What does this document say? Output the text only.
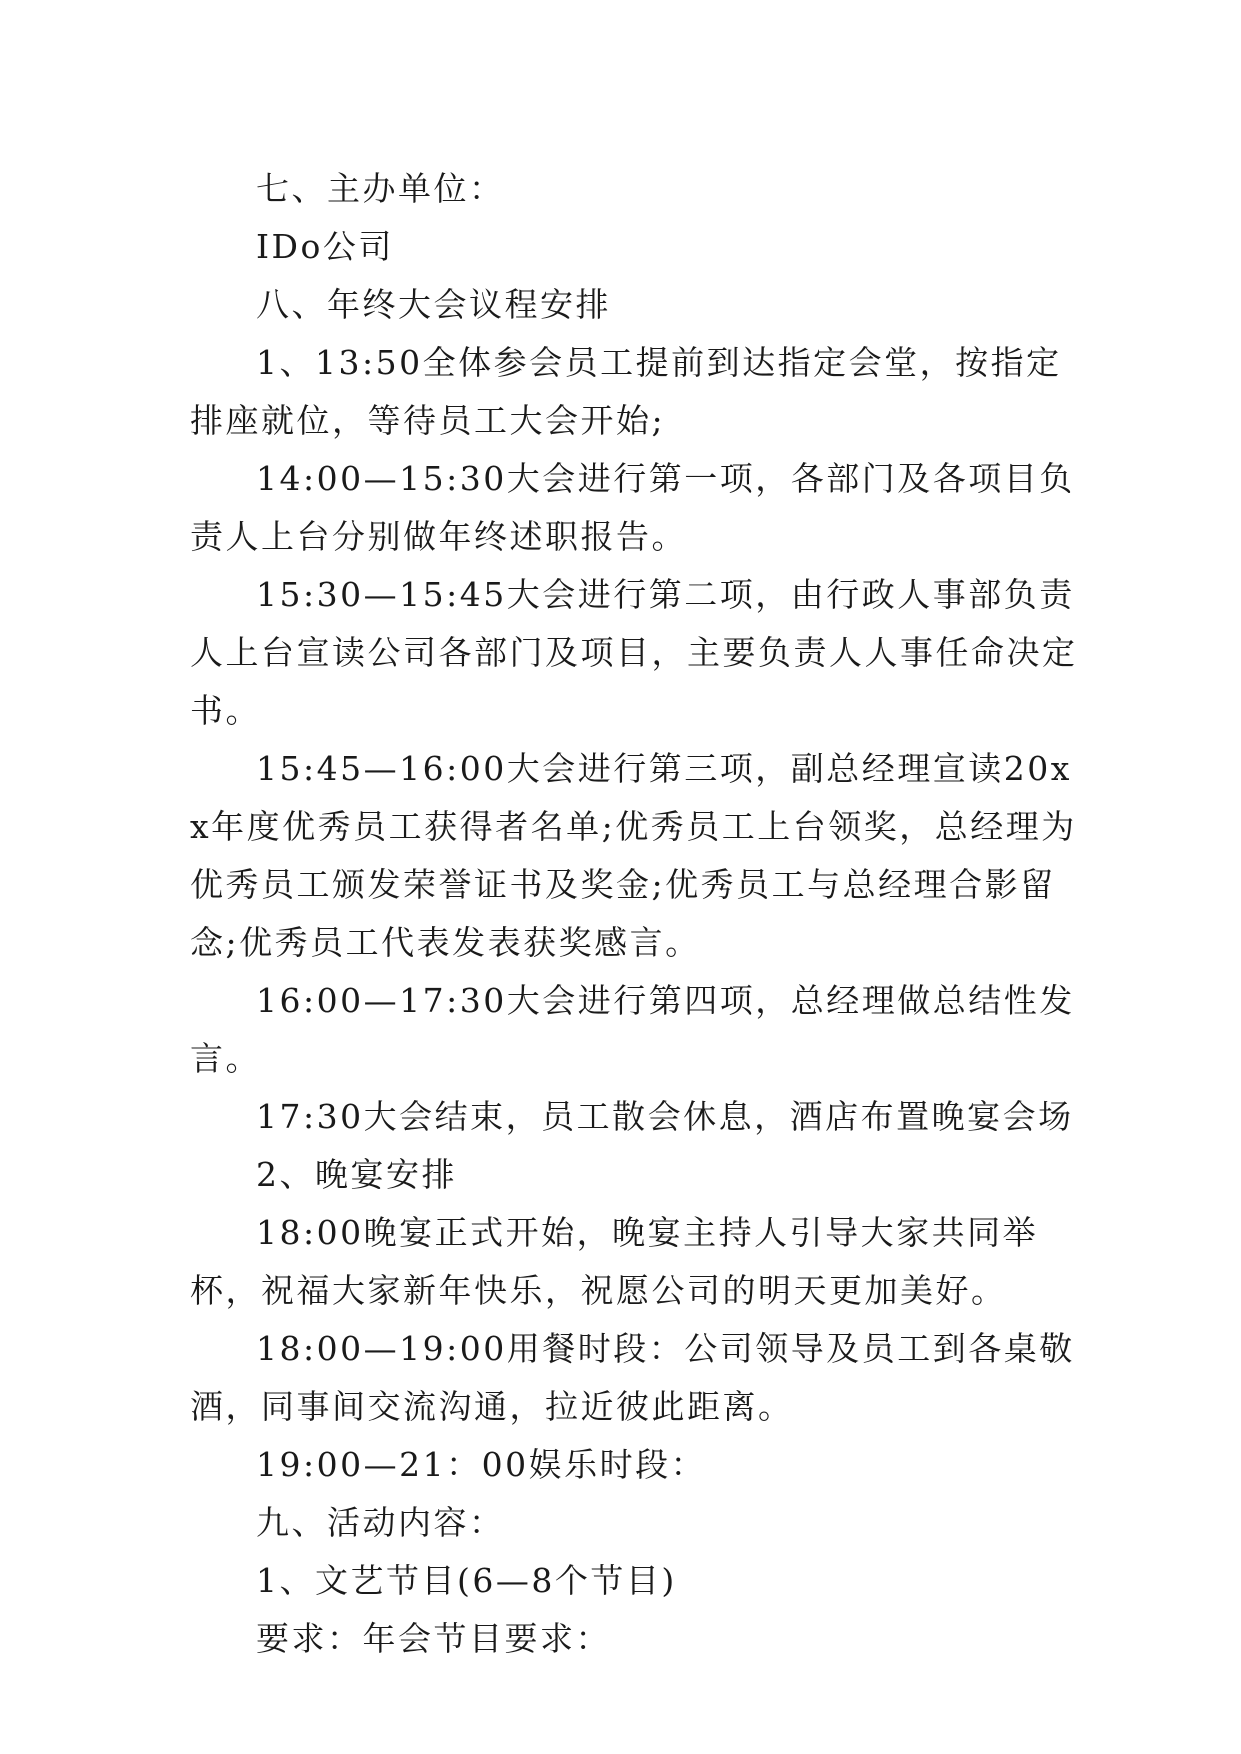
七、主办单位：

IDo公司

八、年终大会议程安排

1、13:50全体参会员工提前到达指定会堂，按指定排座就位，等待员工大会开始;

14:00—15:30大会进行第一项，各部门及各项目负责人上台分别做年终述职报告。

15:30—15:45大会进行第二项，由行政人事部负责人上台宣读公司各部门及项目，主要负责人人事任命决定书。

15:45—16:00大会进行第三项，副总经理宣读20xx年度优秀员工获得者名单;优秀员工上台领奖，总经理为优秀员工颁发荣誉证书及奖金;优秀员工与总经理合影留念;优秀员工代表发表获奖感言。

16:00—17:30大会进行第四项，总经理做总结性发言。

17:30大会结束，员工散会休息，酒店布置晚宴会场

2、晚宴安排

18:00晚宴正式开始，晚宴主持人引导大家共同举杯，祝福大家新年快乐，祝愿公司的明天更加美好。

18:00—19:00用餐时段：公司领导及员工到各桌敬酒，同事间交流沟通，拉近彼此距离。

19:00—21：00娱乐时段：

九、活动内容：

1、文艺节目(6—8个节目)

要求：年会节目要求：
